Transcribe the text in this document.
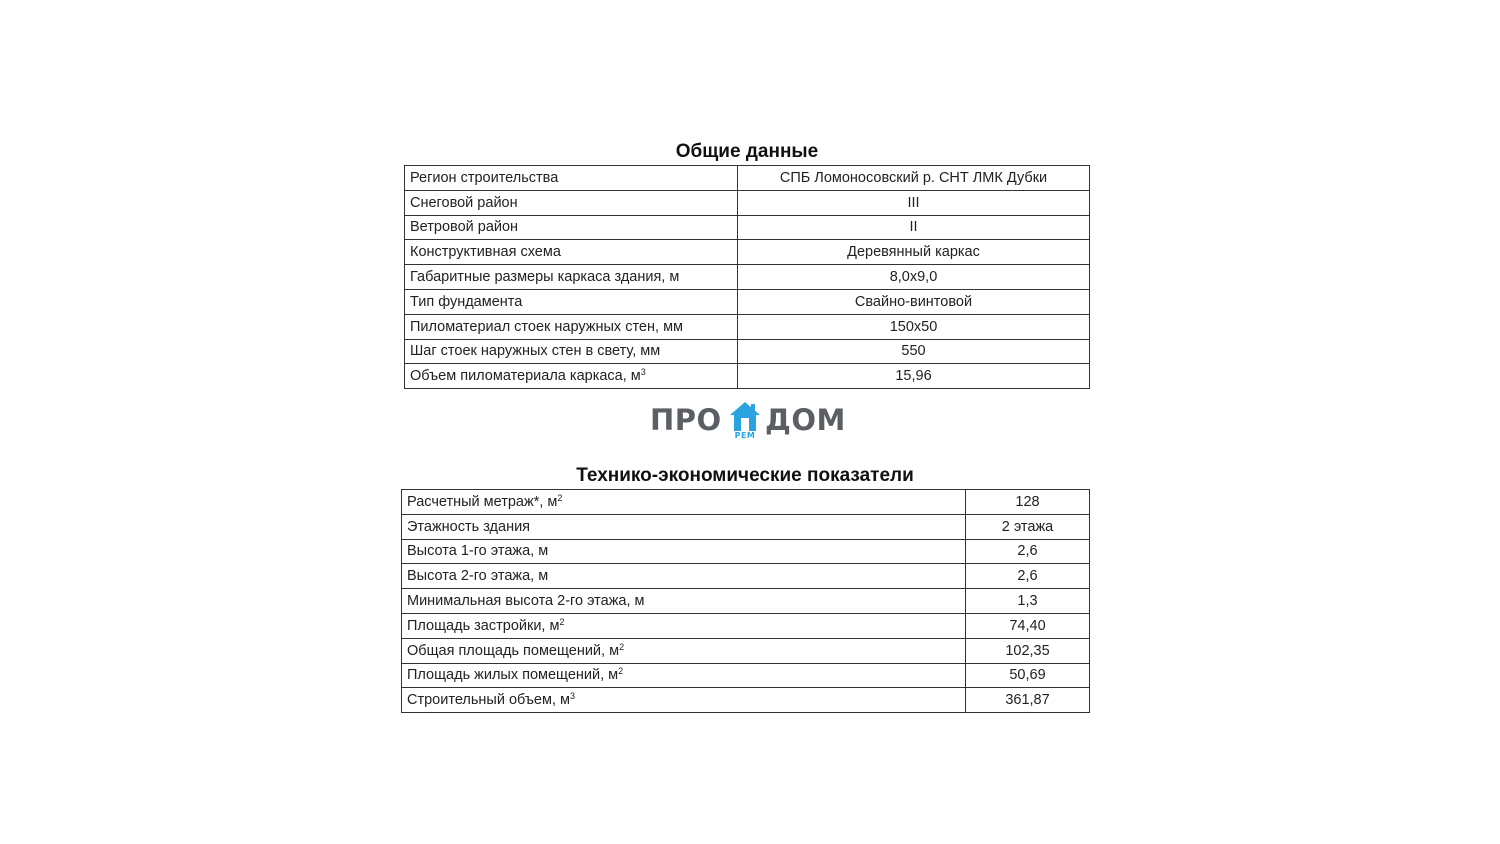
Общие данные
Регион строительства	СПБ Ломоносовский р. СНТ ЛМК Дубки
Снеговой район	III
Ветровой район	II
Конструктивная схема	Деревянный каркас
Габаритные размеры каркаса здания, м	8,0х9,0
Тип фундамента	Свайно-винтовой
Пиломатериал стоек наружных стен, мм	150х50
Шаг стоек наружных стен в свету, мм	550
Объем пиломатериала каркаса, $м^3$	15,96
ПРО	РЕМ ДОМ
Технико-экономические показатели
Расчетный метраж*, $м^2$	128
Этажность здания	2 этажа
Высота 1-го этажа, м	2,6
Высота 2-го этажа, м	2,6
Минимальная высота 2-го этажа, м	1,3
Площадь застройки, $м^2$	74,40
Общая площадь помещений, $м^2$	102,35
Площадь жилых помещений, $м^2$	50,69
Строительный объем, $м^3$	361,87
